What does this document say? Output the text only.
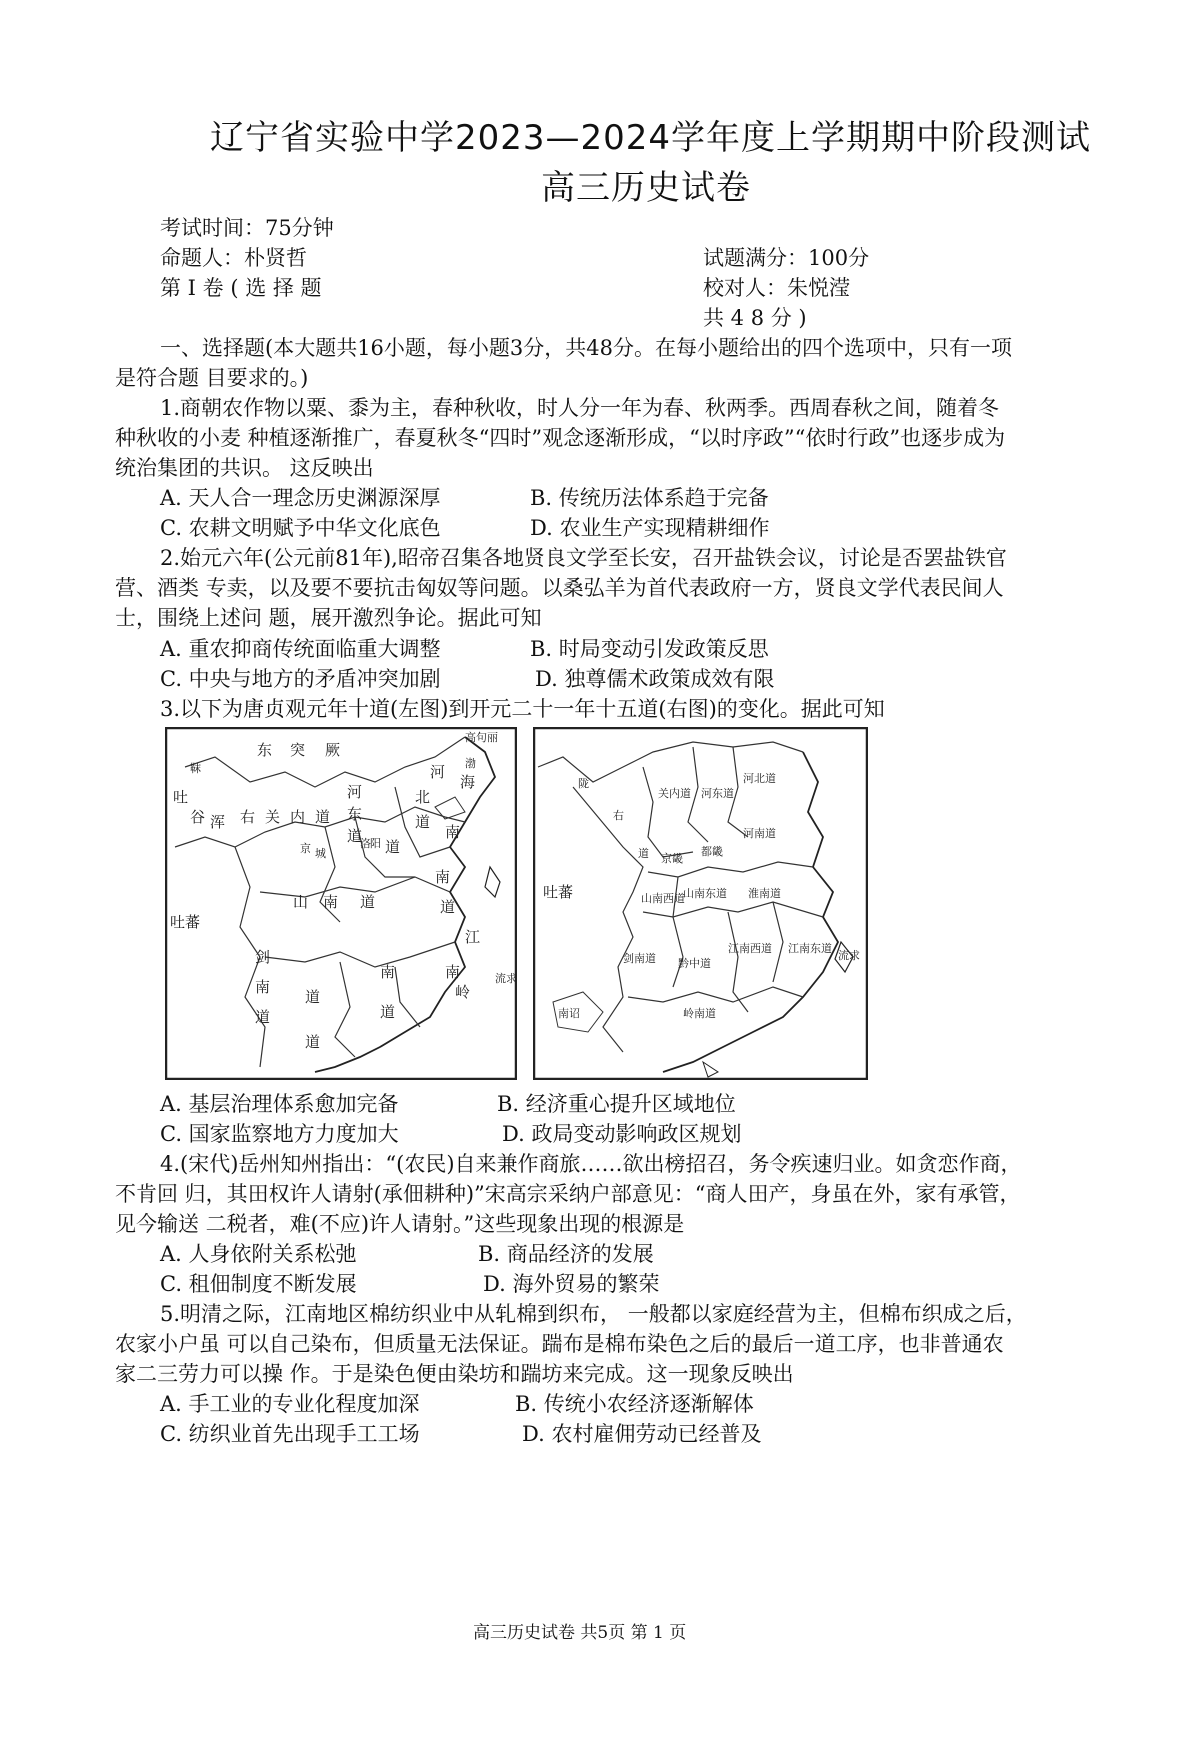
辽宁省实验中学2023—2024学年度上学期期中阶段测试
高三历史试卷
考试时间：75分钟
命题人：朴贤哲	试题满分：100分
第 I 卷 ( 选 择 题	校对人：朱悦滢
共 4 8 分 )
一、选择题(本大题共16小题，每小题3分，共48分。在每小题给出的四个选项中，只有一项
是符合题 目要求的。)
1.商朝农作物以粟、黍为主，春种秋收，时人分一年为春、秋两季。西周春秋之间，随着冬
种秋收的小麦 种植逐渐推广，春夏秋冬“四时”观念逐渐形成，“以时序政”“依时行政”也逐步成为
统治集团的共识。 这反映出
A. 天人合一理念历史渊源深厚	B. 传统历法体系趋于完备
C. 农耕文明赋予中华文化底色	D. 农业生产实现精耕细作
2.始元六年(公元前81年),昭帝召集各地贤良文学至长安，召开盐铁会议，讨论是否罢盐铁官
营、酒类 专卖，以及要不要抗击匈奴等问题。以桑弘羊为首代表政府一方，贤良文学代表民间人
士，围绕上述问 题，展开激烈争论。据此可知
A. 重农抑商传统面临重大调整	B. 时局变动引发政策反思
C. 中央与地方的矛盾冲突加剧	D. 独尊儒术政策成效有限
3.以下为唐贞观元年十道(左图)到开元二十一年十五道(右图)的变化。据此可知
东 突 厥
高句丽
河 渤
海
北
道
靺
吐
谷 浑 右 关 内 道
河
东
道	南
道
京 城
洛 阳
山 南 道
南
道
吐蕃
剑
南
道
道
南
道
江
南
岭
道
流求
陇
右
道
关内道 河东道
河北道
河南道
京畿
都畿
山南西道
山南东道 淮南道
吐蕃
剑南道 黔中道
江南西道 江南东道
南诏	岭南道
流求
A. 基层治理体系愈加完备	B. 经济重心提升区域地位
C. 国家监察地方力度加大	D. 政局变动影响政区规划
4.(宋代)岳州知州指出：“(农民)自来兼作商旅……欲出榜招召，务令疾速归业。如贪恋作商，
不肯回 归，其田权许人请射(承佃耕种)”宋高宗采纳户部意见：“商人田产，身虽在外，家有承管，
见今输送 二税者，难(不应)许人请射。”这些现象出现的根源是
A. 人身依附关系松弛	B. 商品经济的发展
C. 租佃制度不断发展	D. 海外贸易的繁荣
5.明清之际，江南地区棉纺织业中从轧棉到织布， 一般都以家庭经营为主，但棉布织成之后，
农家小户虽 可以自己染布，但质量无法保证。踹布是棉布染色之后的最后一道工序，也非普通农
家二三劳力可以操 作。于是染色便由染坊和踹坊来完成。这一现象反映出
A. 手工业的专业化程度加深	B. 传统小农经济逐渐解体
C. 纺织业首先出现手工工场	D. 农村雇佣劳动已经普及
高三历史试卷 共5页 第 1 页
